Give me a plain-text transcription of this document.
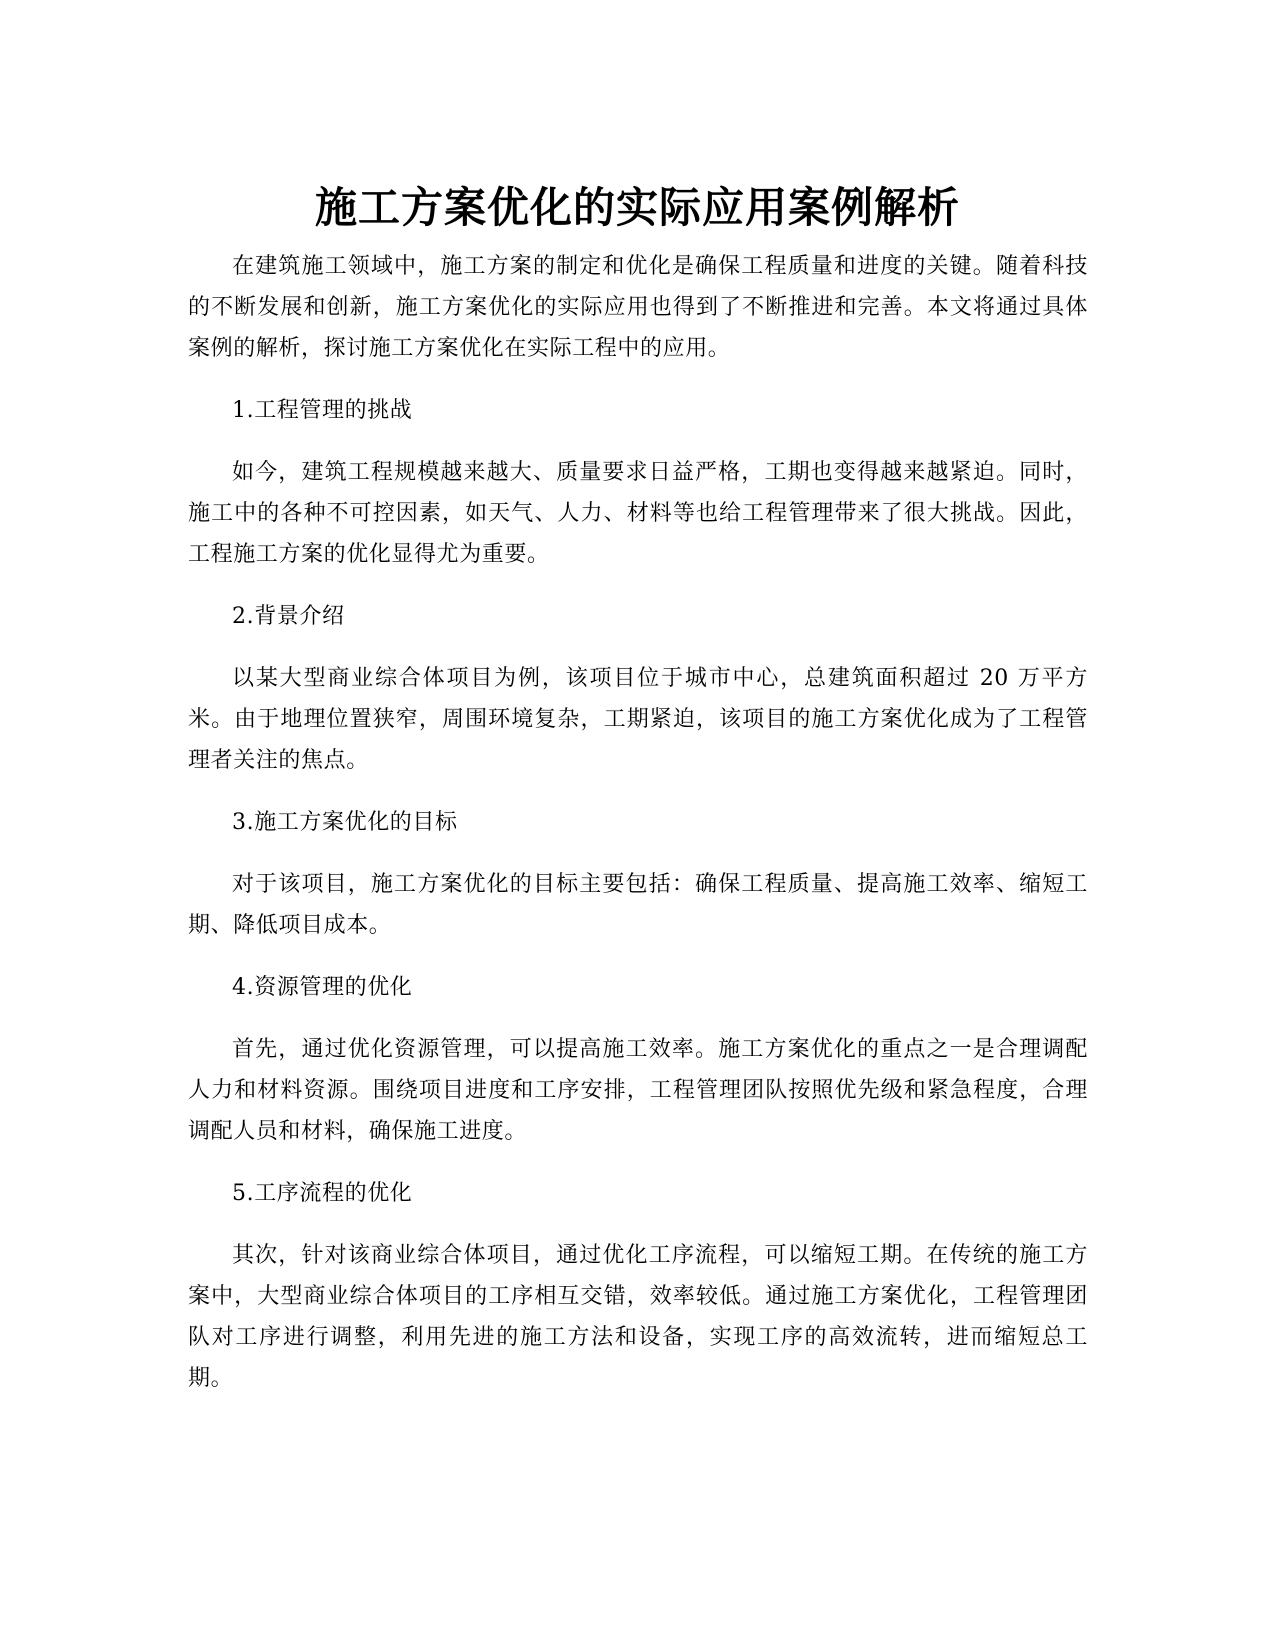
施工方案优化的实际应用案例解析

在建筑施工领域中，施工方案的制定和优化是确保工程质量和进度的关键。随着科技的不断发展和创新，施工方案优化的实际应用也得到了不断推进和完善。本文将通过具体案例的解析，探讨施工方案优化在实际工程中的应用。

1.工程管理的挑战

如今，建筑工程规模越来越大、质量要求日益严格，工期也变得越来越紧迫。同时，施工中的各种不可控因素，如天气、人力、材料等也给工程管理带来了很大挑战。因此，工程施工方案的优化显得尤为重要。

2.背景介绍

以某大型商业综合体项目为例，该项目位于城市中心，总建筑面积超过 20 万平方米。由于地理位置狭窄，周围环境复杂，工期紧迫，该项目的施工方案优化成为了工程管理者关注的焦点。

3.施工方案优化的目标

对于该项目，施工方案优化的目标主要包括：确保工程质量、提高施工效率、缩短工期、降低项目成本。

4.资源管理的优化

首先，通过优化资源管理，可以提高施工效率。施工方案优化的重点之一是合理调配人力和材料资源。围绕项目进度和工序安排，工程管理团队按照优先级和紧急程度，合理调配人员和材料，确保施工进度。

5.工序流程的优化

其次，针对该商业综合体项目，通过优化工序流程，可以缩短工期。在传统的施工方案中，大型商业综合体项目的工序相互交错，效率较低。通过施工方案优化，工程管理团队对工序进行调整，利用先进的施工方法和设备，实现工序的高效流转，进而缩短总工期。
